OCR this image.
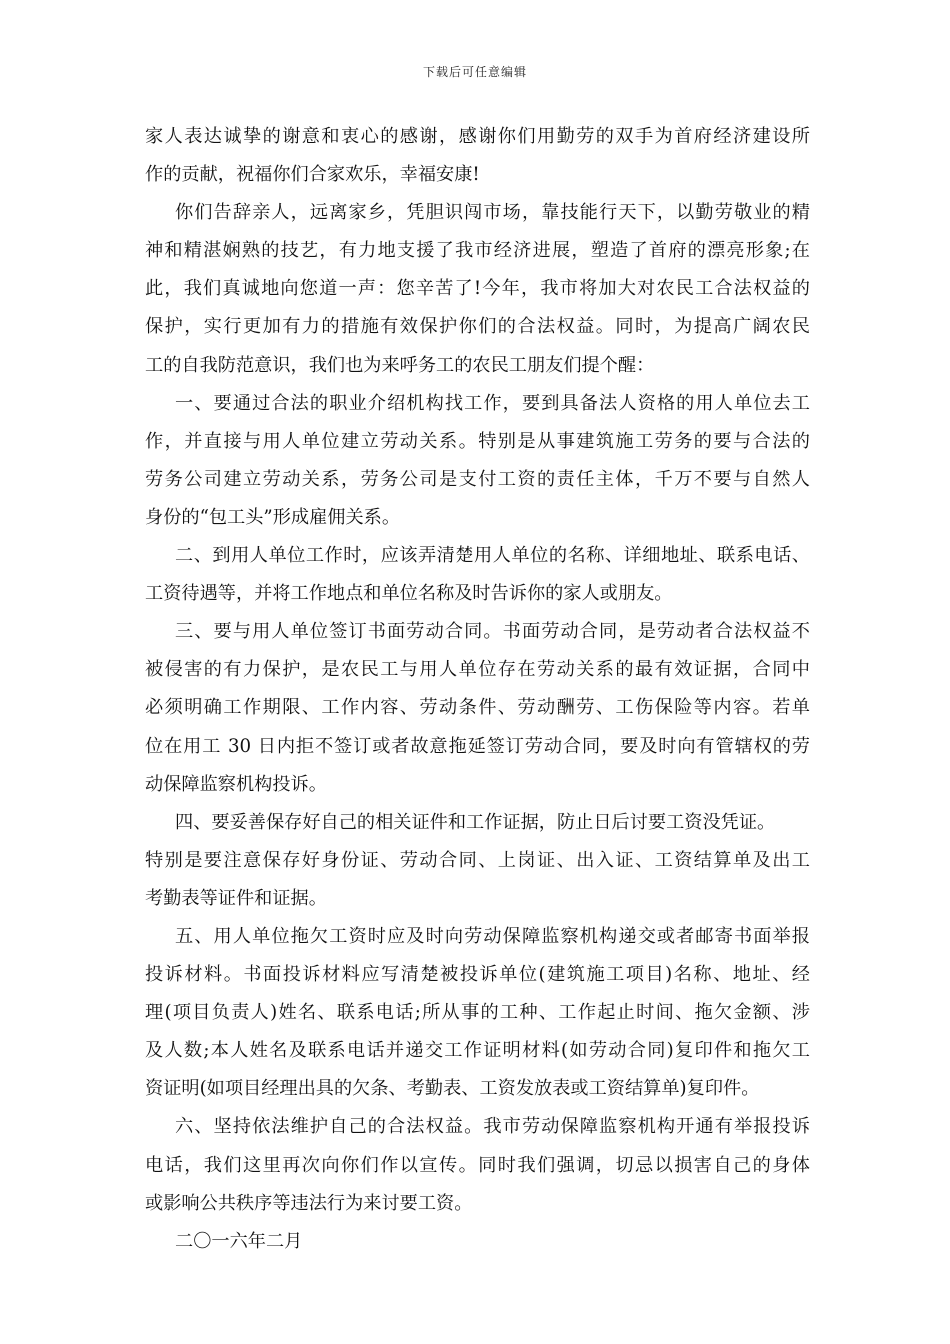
下载后可任意编辑
家人表达诚挚的谢意和衷心的感谢，感谢你们用勤劳的双手为首府经济建设所
作的贡献，祝福你们合家欢乐，幸福安康!
你们告辞亲人，远离家乡，凭胆识闯市场，靠技能行天下，以勤劳敬业的精
神和精湛娴熟的技艺，有力地支援了我市经济进展，塑造了首府的漂亮形象;在
此，我们真诚地向您道一声：您辛苦了!今年，我市将加大对农民工合法权益的
保护，实行更加有力的措施有效保护你们的合法权益。同时，为提高广阔农民
工的自我防范意识，我们也为来呼务工的农民工朋友们提个醒：
一、要通过合法的职业介绍机构找工作，要到具备法人资格的用人单位去工
作，并直接与用人单位建立劳动关系。特别是从事建筑施工劳务的要与合法的
劳务公司建立劳动关系，劳务公司是支付工资的责任主体，千万不要与自然人
身份的“包工头”形成雇佣关系。
二、到用人单位工作时，应该弄清楚用人单位的名称、详细地址、联系电话、
工资待遇等，并将工作地点和单位名称及时告诉你的家人或朋友。
三、要与用人单位签订书面劳动合同。书面劳动合同，是劳动者合法权益不
被侵害的有力保护，是农民工与用人单位存在劳动关系的最有效证据，合同中
必须明确工作期限、工作内容、劳动条件、劳动酬劳、工伤保险等内容。若单
位在用工 30 日内拒不签订或者故意拖延签订劳动合同，要及时向有管辖权的劳
动保障监察机构投诉。
四、要妥善保存好自己的相关证件和工作证据，防止日后讨要工资没凭证。
特别是要注意保存好身份证、劳动合同、上岗证、出入证、工资结算单及出工
考勤表等证件和证据。
五、用人单位拖欠工资时应及时向劳动保障监察机构递交或者邮寄书面举报
投诉材料。书面投诉材料应写清楚被投诉单位(建筑施工项目)名称、地址、经
理(项目负责人)姓名、联系电话;所从事的工种、工作起止时间、拖欠金额、涉
及人数;本人姓名及联系电话并递交工作证明材料(如劳动合同)复印件和拖欠工
资证明(如项目经理出具的欠条、考勤表、工资发放表或工资结算单)复印件。
六、坚持依法维护自己的合法权益。我市劳动保障监察机构开通有举报投诉
电话，我们这里再次向你们作以宣传。同时我们强调，切忌以损害自己的身体
或影响公共秩序等违法行为来讨要工资。
二〇一六年二月
